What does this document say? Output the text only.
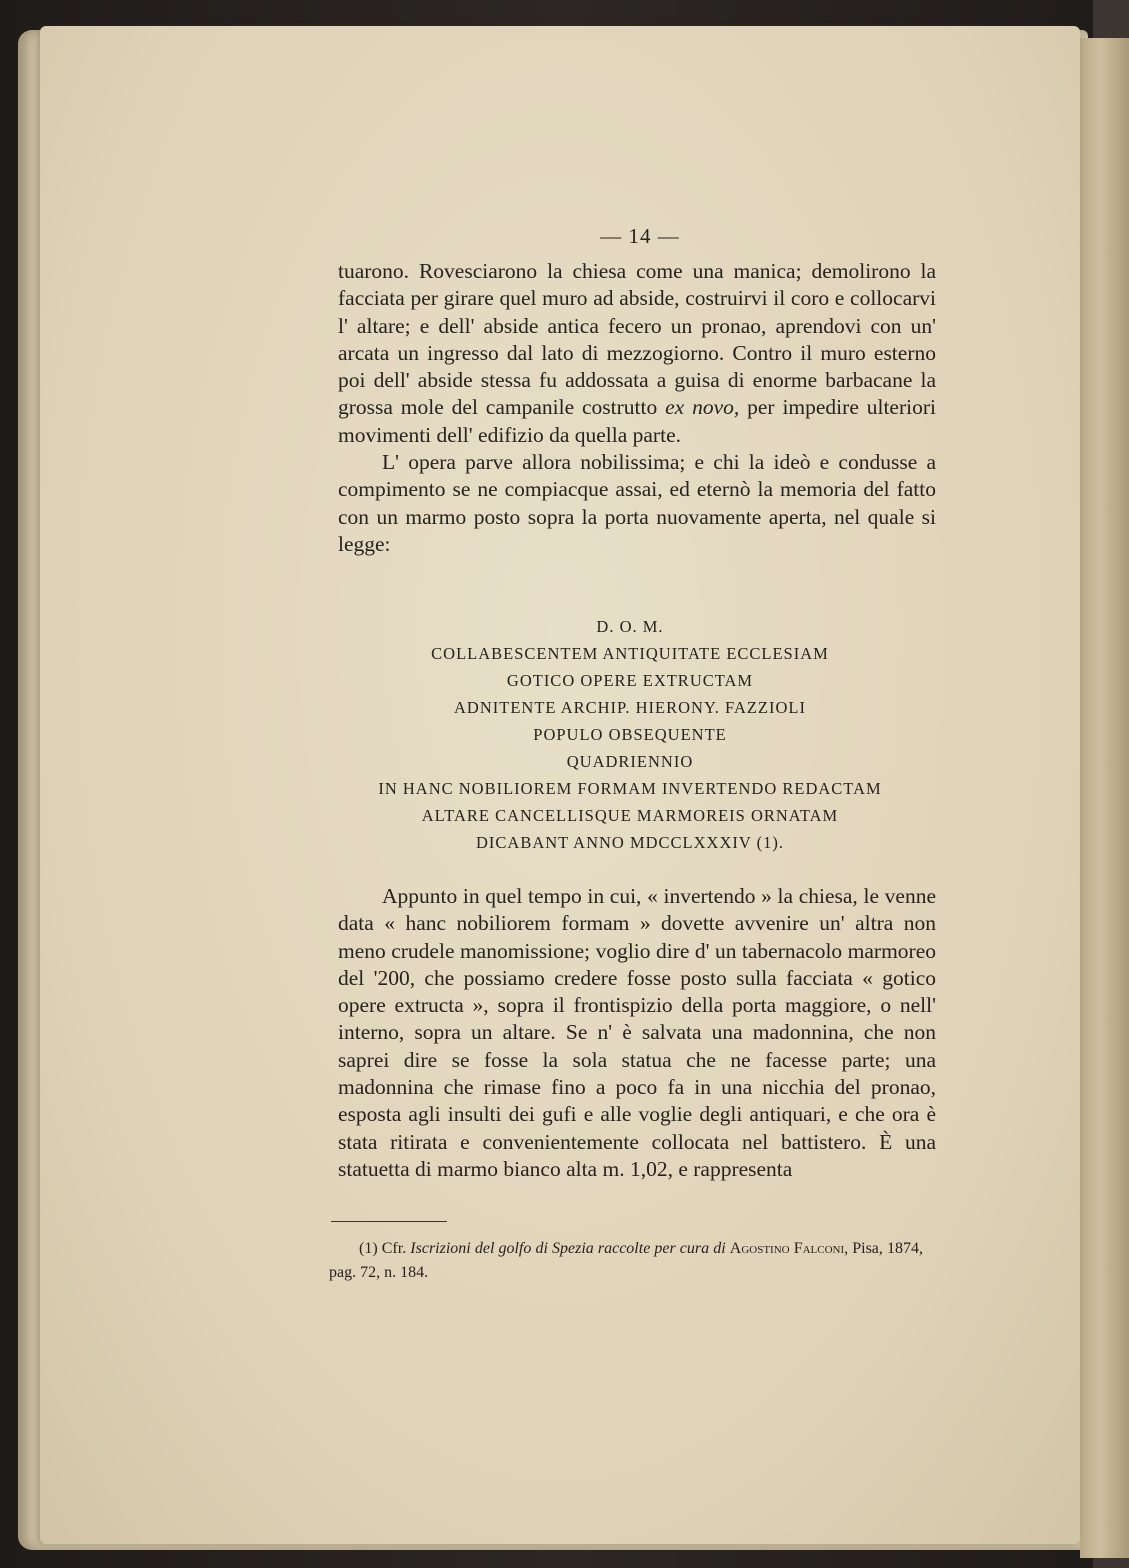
— 14 —

tuarono. Rovesciarono la chiesa come una manica; demolirono la facciata per girare quel muro ad abside, costruirvi il coro e collocarvi l' altare; e dell' abside antica fecero un pronao, aprendovi con un' arcata un ingresso dal lato di mezzogiorno. Contro il muro esterno poi dell' abside stessa fu addossata a guisa di enorme barbacane la grossa mole del campanile costrutto ex novo, per impedire ulteriori movimenti dell' edifizio da quella parte.

L' opera parve allora nobilissima; e chi la ideò e condusse a compimento se ne compiacque assai, ed eternò la memoria del fatto con un marmo posto sopra la porta nuovamente aperta, nel quale si legge:

D. O. M.
COLLABESCENTEM ANTIQUITATE ECCLESIAM
GOTICO OPERE EXTRUCTAM
ADNITENTE ARCHIP. HIERONY. FAZZIOLI
POPULO OBSEQUENTE
QUADRIENNIO
IN HANC NOBILIOREM FORMAM INVERTENDO REDACTAM
ALTARE CANCELLISQUE MARMOREIS ORNATAM
DICABANT ANNO MDCCLXXXIV (1).

Appunto in quel tempo in cui, « invertendo » la chiesa, le venne data « hanc nobiliorem formam » dovette avvenire un' altra non meno crudele manomissione; voglio dire d' un tabernacolo marmoreo del '200, che possiamo credere fosse posto sulla facciata « gotico opere extructa », sopra il frontispizio della porta maggiore, o nell' interno, sopra un altare. Se n' è salvata una madonnina, che non saprei dire se fosse la sola statua che ne facesse parte; una madonnina che rimase fino a poco fa in una nicchia del pronao, esposta agli insulti dei gufi e alle voglie degli antiquari, e che ora è stata ritirata e convenientemente collocata nel battistero. È una statuetta di marmo bianco alta m. 1,02, e rappresenta

(1) Cfr. Iscrizioni del golfo di Spezia raccolte per cura di Agostino Falconi, Pisa, 1874, pag. 72, n. 184.
